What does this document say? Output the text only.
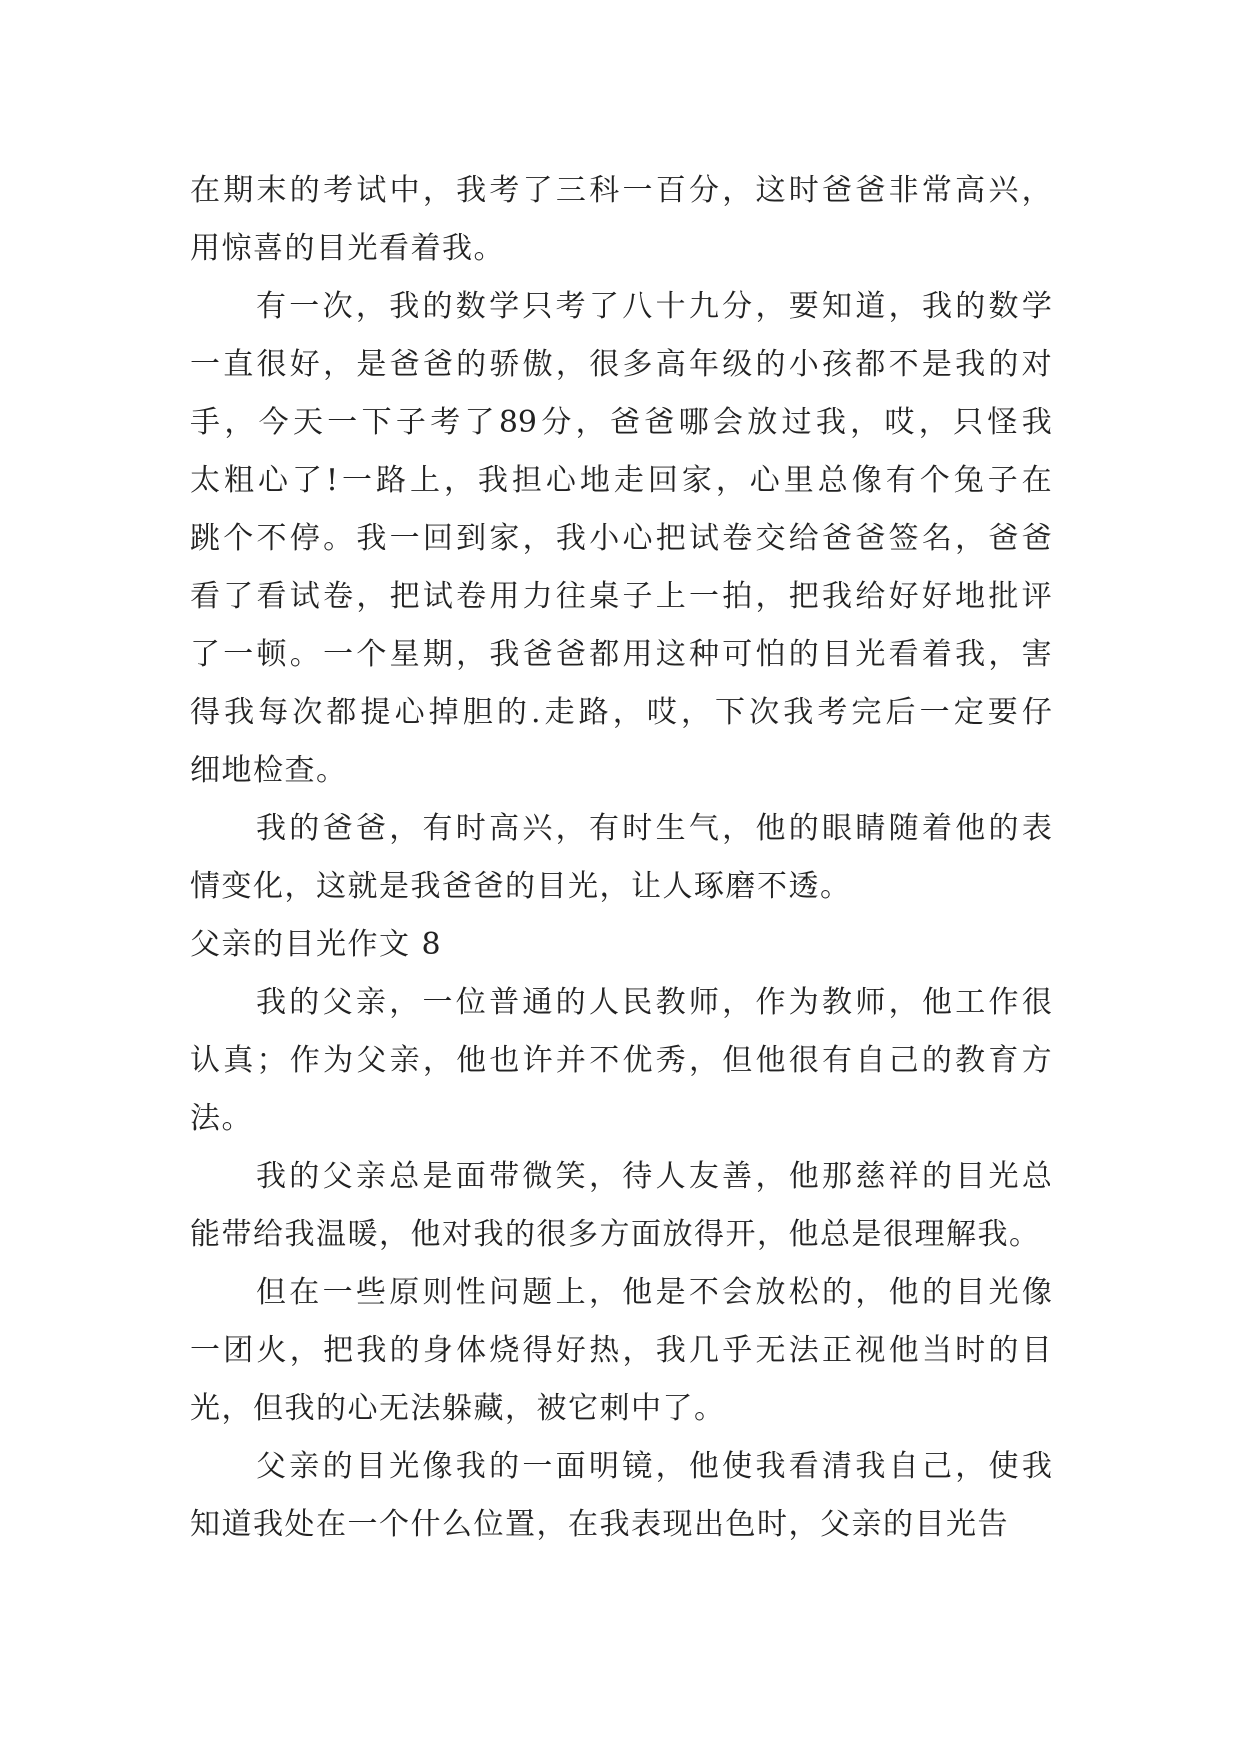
在 期 末 的 考 试 中 ， 我 考 了 三 科 一 百 分 ， 这 时 爸 爸 非 常 高 兴 ，
用惊喜的目光看着我。
有 一 次 ， 我 的 数 学 只 考 了 八 十 九 分 ， 要 知 道 ， 我 的 数 学
一 直 很 好 ， 是 爸 爸 的 骄 傲 ， 很 多 高 年 级 的 小 孩 都 不 是 我 的 对
手 ， 今 天 一 下 子 考 了 89 分 ， 爸 爸 哪 会 放 过 我 ， 哎 ， 只 怪 我
太 粗 心 了 ! 一 路 上 ， 我 担 心 地 走 回 家 ， 心 里 总 像 有 个 兔 子 在
跳 个 不 停 。 我 一 回 到 家 ， 我 小 心 把 试 卷 交 给 爸 爸 签 名 ， 爸 爸
看 了 看 试 卷 ， 把 试 卷 用 力 往 桌 子 上 一 拍 ， 把 我 给 好 好 地 批 评
了 一 顿 。 一 个 星 期 ， 我 爸 爸 都 用 这 种 可 怕 的 目 光 看 着 我 ， 害
得 我 每 次 都 提 心 掉 胆 的 . 走 路 ， 哎 ， 下 次 我 考 完 后 一 定 要 仔
细地检查。
我 的 爸 爸 ， 有 时 高 兴 ， 有 时 生 气 ， 他 的 眼 睛 随 着 他 的 表
情变化，这就是我爸爸的目光，让人琢磨不透。
父亲的目光作文 8
我 的 父 亲 ， 一 位 普 通 的 人 民 教 师 ， 作 为 教 师 ， 他 工 作 很
认 真 ； 作 为 父 亲 ， 他 也 许 并 不 优 秀 ， 但 他 很 有 自 己 的 教 育 方
法。
我 的 父 亲 总 是 面 带 微 笑 ， 待 人 友 善 ， 他 那 慈 祥 的 目 光 总
能带给我温暖，他对我的很多方面放得开，他总是很理解我。
但 在 一 些 原 则 性 问 题 上 ， 他 是 不 会 放 松 的 ， 他 的 目 光 像
一 团 火 ， 把 我 的 身 体 烧 得 好 热 ， 我 几 乎 无 法 正 视 他 当 时 的 目
光，但我的心无法躲藏，被它刺中了。
父 亲 的 目 光 像 我 的 一 面 明 镜 ， 他 使 我 看 清 我 自 己 ， 使 我
知道我处在一个什么位置，在我表现出色时，父亲的目光告
